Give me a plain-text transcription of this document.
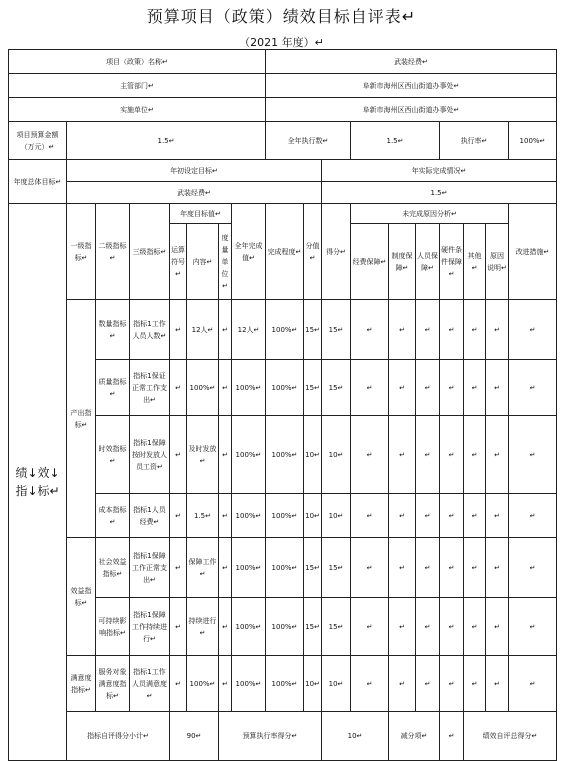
预算项目（政策）绩效目标自评表↵
（2021 年度）↵
项目（政策）名称↵								武装经费↵										
主管部门↵								阜新市海州区西山街道办事处↵										
实施单位↵								阜新市海州区西山街道办事处↵										
项目预算金额（万元）↵	1.5↵							全年执行数↵			1.5↵			执行率↵			100%↵	
年度总体目标↵	年初设定目标↵									年实际完成情况↵								
	武装经费↵									1.5↵								
绩↓效↓指↓标↵	一级指标↵	二级指标↵	三级指标↵	年度目标值↵			全年完成值↵	完成程度↵	分值↵	得分↵	未完成原因分析↵						改进措施↵	
				运算符号↵	内容↵	度量单位↵					经费保障↵	制度保障↵	人员保障↵	硬件条件保障↵	其他↵	原因说明↵		
	产出指标↵	数量指标↵	指标1工作人员人数↵	↵	12人↵	↵	12人↵	100%↵	15↵	15↵	↵	↵	↵	↵	↵	↵	↵	
		质量指标↵	指标1保证正常工作支出↵	↵	100%↵	↵	100%↵	100%↵	15↵	15↵	↵	↵	↵	↵	↵	↵	↵	
		时效指标↵	指标1保障按时发放人员工资↵	↵	及时发放↵	↵	100%↵	100%↵	10↵	10↵	↵	↵	↵	↵	↵	↵	↵	
		成本指标↵	指标1人员经费↵	↵	1.5↵	↵	100%↵	100%↵	10↵	10↵	↵	↵	↵	↵	↵	↵	↵	
	效益指标↵	社会效益指标↵	指标1保障工作正常支出↵	↵	保障工作↵	↵	100%↵	100%↵	15↵	15↵	↵	↵	↵	↵	↵	↵	↵	
		可持续影响指标↵	指标1保障工作持续进行↵	↵	持续进行↵	↵	100%↵	100%↵	15↵	15↵	↵	↵	↵	↵	↵	↵	↵	
	满意度指标↵	服务对象满意度指标↵	指标1工作人员满意度↵	↵	100%↵	↵	100%↵	100%↵	10↵	10↵	↵	↵	↵	↵	↵	↵	↵	
	指标自评得分小计↵			90↵		预算执行率得分↵				10↵		减分项↵		↵	绩效自评总得分↵	
